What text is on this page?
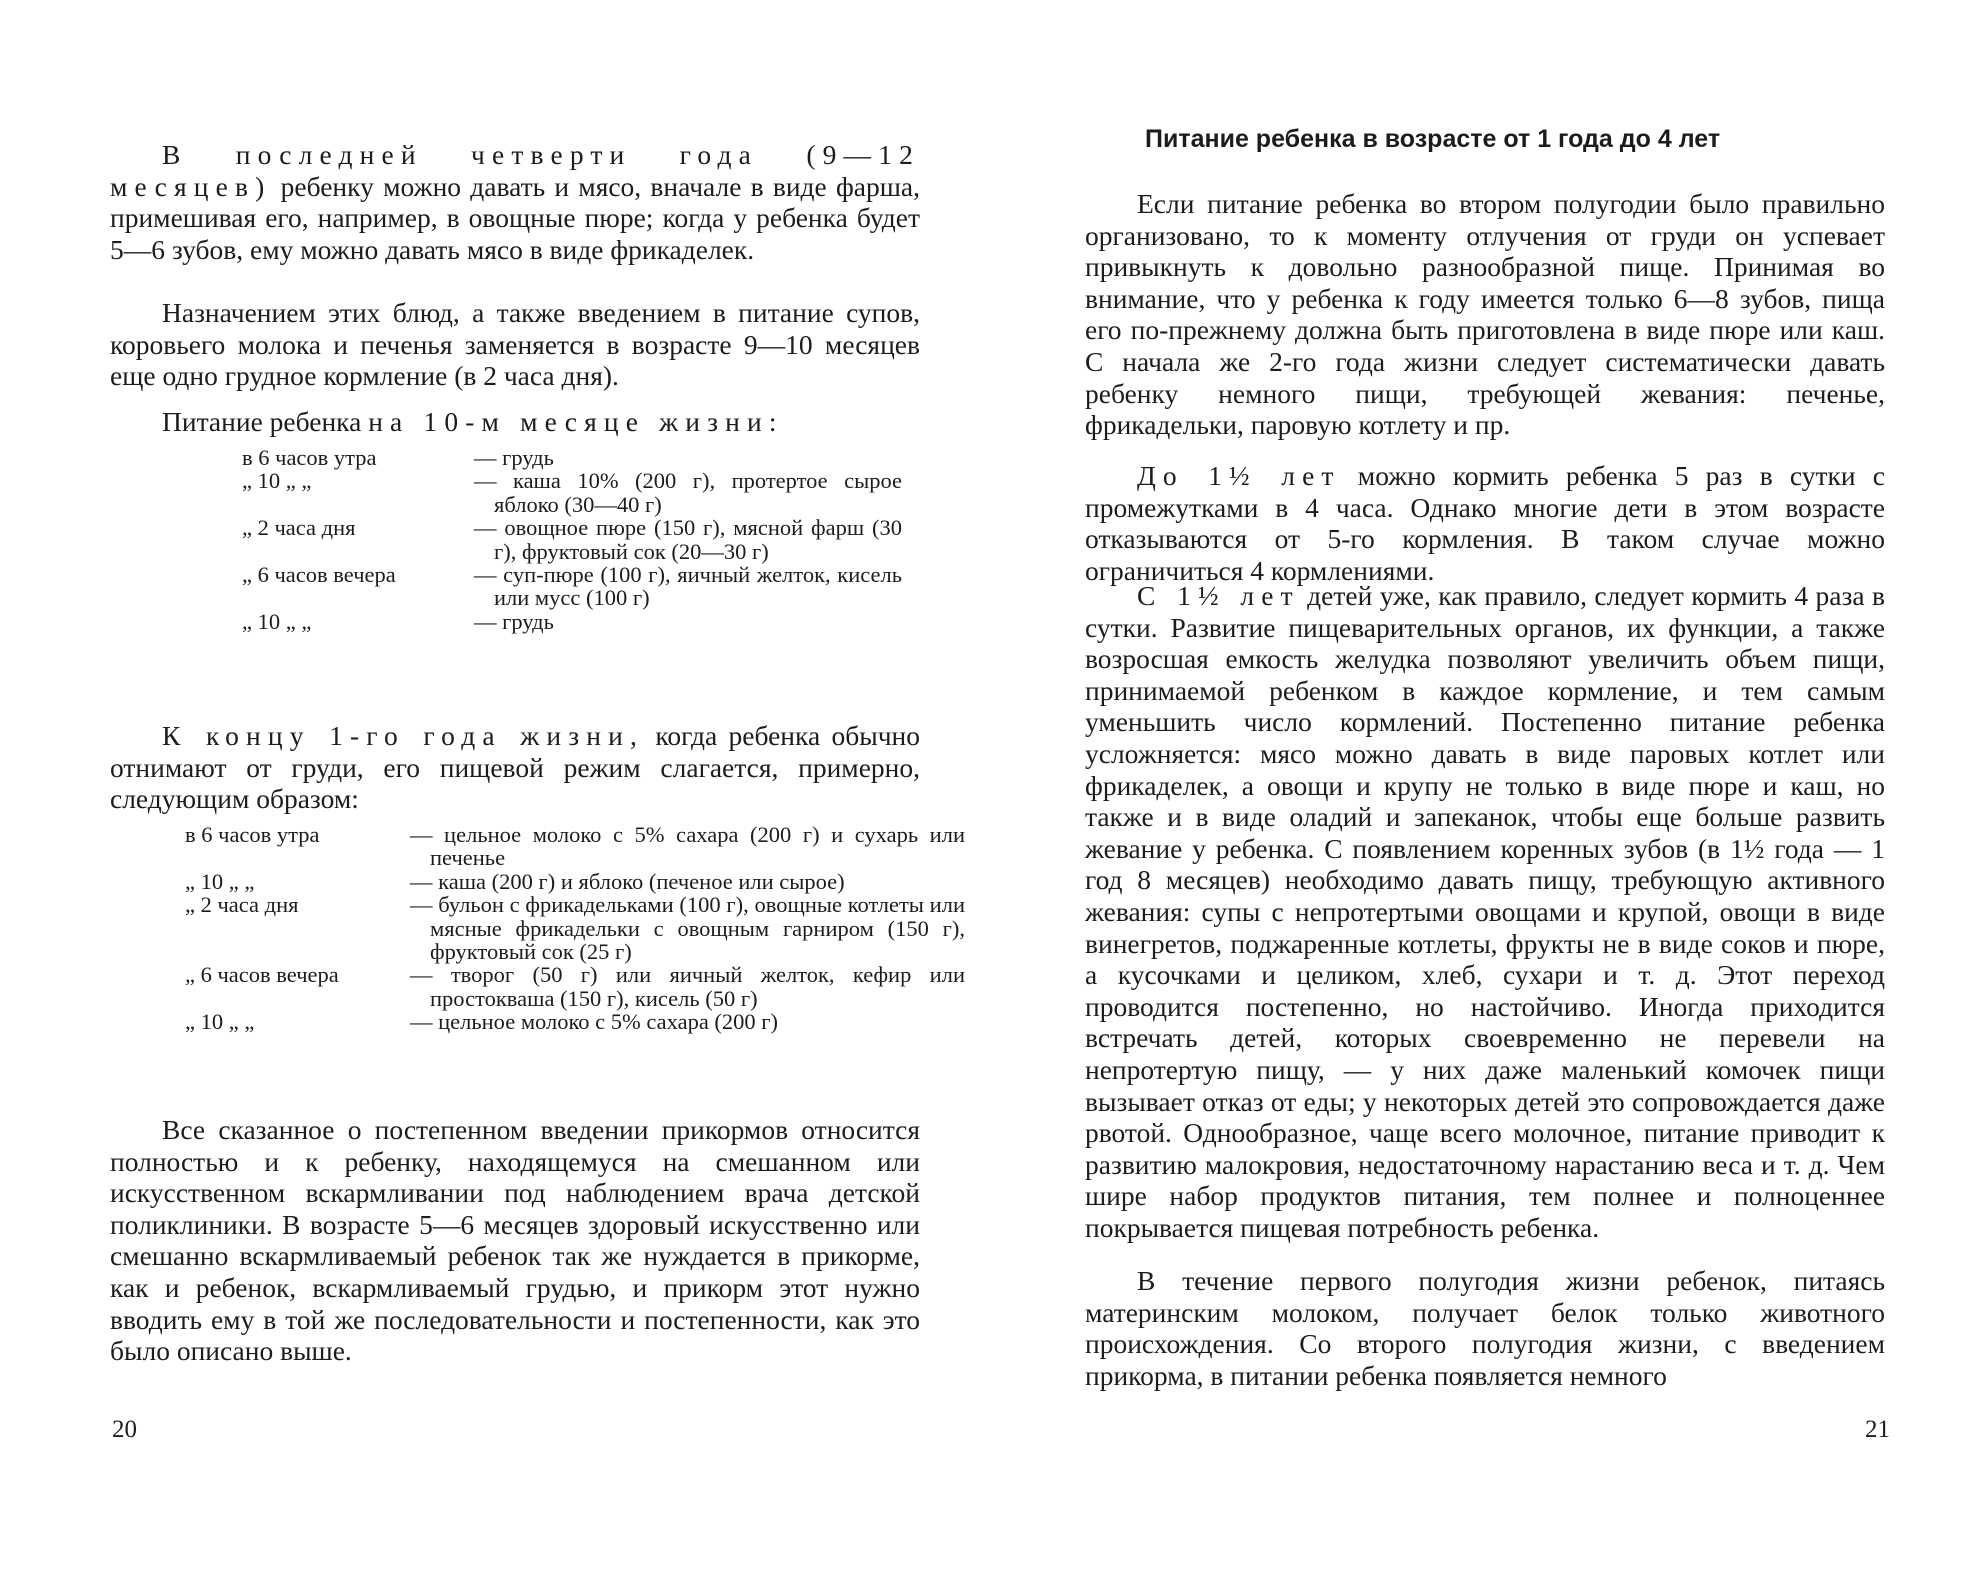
В последней четверти года (9—12 месяцев) ребенку можно давать и мясо, вначале в виде фарша, примешивая его, например, в овощные пюре; когда у ребенка будет 5—6 зубов, ему можно давать мясо в виде фрикаделек.

Назначением этих блюд, а также введением в питание супов, коровьего молока и печенья заменяется в возрасте 9—10 месяцев еще одно грудное кормление (в 2 часа дня).

Питание ребенка на 10-м месяце жизни:

в 6 часов утра	— грудь
„ 10 „ „	— каша 10% (200 г), протертое сырое яблоко (30—40 г)
„ 2 часа дня	— овощное пюре (150 г), мясной фарш (30 г), фруктовый сок (20—30 г)
„ 6 часов вечера	— суп-пюре (100 г), яичный желток, кисель или мусс (100 г)
„ 10 „ „	— грудь

К концу 1-го года жизни, когда ребенка обычно отнимают от груди, его пищевой режим слагается, примерно, следующим образом:

в 6 часов утра	— цельное молоко с 5% сахара (200 г) и сухарь или печенье
„ 10 „ „	— каша (200 г) и яблоко (печеное или сырое)
„ 2 часа дня	— бульон с фрикадельками (100 г), овощные котлеты или мясные фрикадельки с овощным гарниром (150 г), фруктовый сок (25 г)
„ 6 часов вечера	— творог (50 г) или яичный желток, кефир или простокваша (150 г), кисель (50 г)
„ 10 „ „	— цельное молоко с 5% сахара (200 г)

Все сказанное о постепенном введении прикормов относится полностью и к ребенку, находящемуся на смешанном или искусственном вскармливании под наблюдением врача детской поликлиники. В возрасте 5—6 месяцев здоровый искусственно или смешанно вскармливаемый ребенок так же нуждается в прикорме, как и ребенок, вскармливаемый грудью, и прикорм этот нужно вводить ему в той же последовательности и постепенности, как это было описано выше.

20

Питание ребенка в возрасте от 1 года до 4 лет

Если питание ребенка во втором полугодии было правильно организовано, то к моменту отлучения от груди он успевает привыкнуть к довольно разнообразной пище. Принимая во внимание, что у ребенка к году имеется только 6—8 зубов, пища его по-прежнему должна быть приготовлена в виде пюре или каш. С начала же 2-го года жизни следует систематически давать ребенку немного пищи, требующей жевания: печенье, фрикадельки, паровую котлету и пр.

До 1½ лет можно кормить ребенка 5 раз в сутки с промежутками в 4 часа. Однако многие дети в этом возрасте отказываются от 5-го кормления. В таком случае можно ограничиться 4 кормлениями.

С 1½ лет детей уже, как правило, следует кормить 4 раза в сутки. Развитие пищеварительных органов, их функции, а также возросшая емкость желудка позволяют увеличить объем пищи, принимаемой ребенком в каждое кормление, и тем самым уменьшить число кормлений. Постепенно питание ребенка усложняется: мясо можно давать в виде паровых котлет или фрикаделек, а овощи и крупу не только в виде пюре и каш, но также и в виде оладий и запеканок, чтобы еще больше развить жевание у ребенка. С появлением коренных зубов (в 1½ года — 1 год 8 месяцев) необходимо давать пищу, требующую активного жевания: супы с непротертыми овощами и крупой, овощи в виде винегретов, поджаренные котлеты, фрукты не в виде соков и пюре, а кусочками и целиком, хлеб, сухари и т. д. Этот переход проводится постепенно, но настойчиво. Иногда приходится встречать детей, которых своевременно не перевели на непротертую пищу, — у них даже маленький комочек пищи вызывает отказ от еды; у некоторых детей это сопровождается даже рвотой. Однообразное, чаще всего молочное, питание приводит к развитию малокровия, недостаточному нарастанию веса и т. д. Чем шире набор продуктов питания, тем полнее и полноценнее покрывается пищевая потребность ребенка.

В течение первого полугодия жизни ребенок, питаясь материнским молоком, получает белок только животного происхождения. Со второго полугодия жизни, с введением прикорма, в питании ребенка появляется немного

21
